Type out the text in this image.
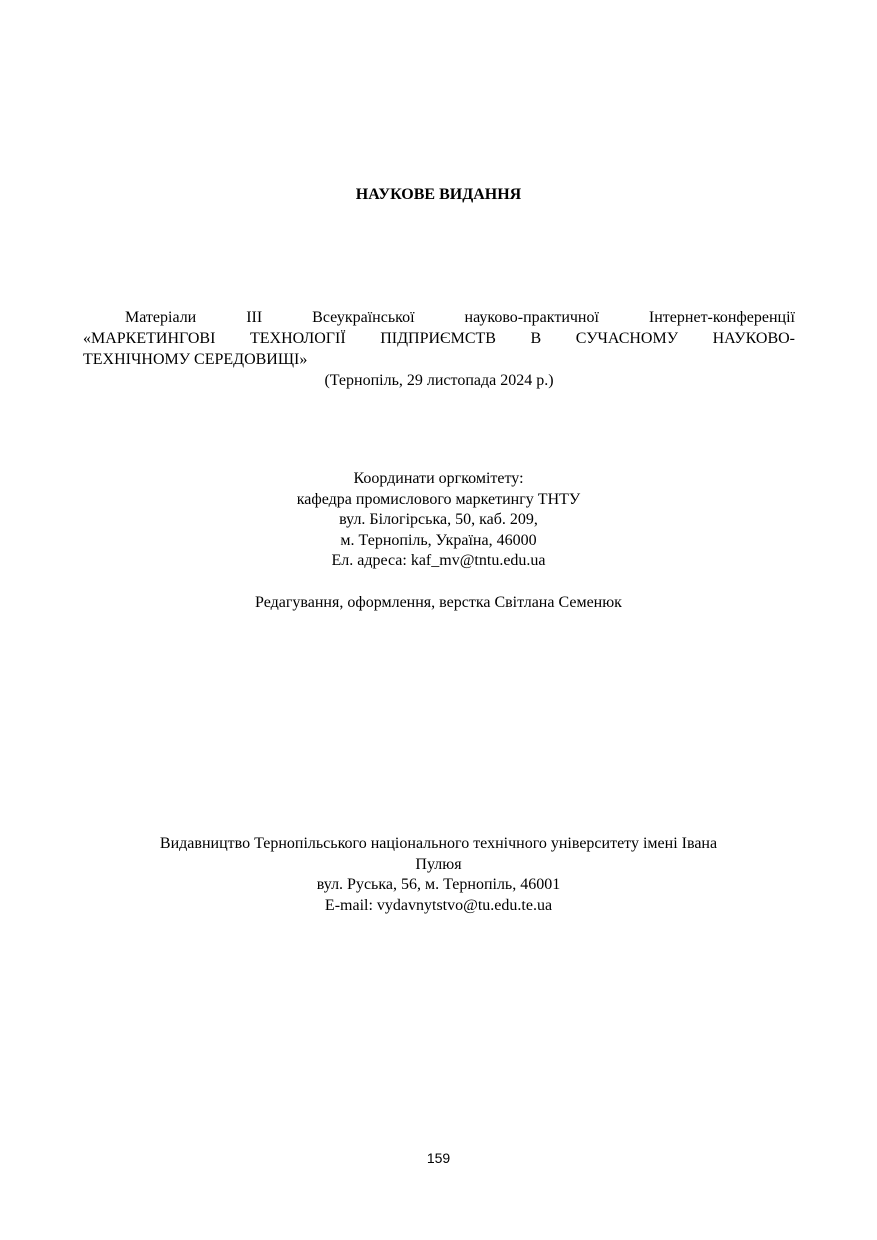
НАУКОВЕ ВИДАННЯ
Матеріали III Всеукраїнської науково-практичної Інтернет-конференції
«МАРКЕТИНГОВІ ТЕХНОЛОГІЇ ПІДПРИЄМСТВ В СУЧАСНОМУ НАУКОВО-
ТЕХНІЧНОМУ СЕРЕДОВИЩІ»
(Тернопіль, 29 листопада 2024 р.)
Координати оргкомітету:
кафедра промислового маркетингу ТНТУ
вул. Білогірська, 50, каб. 209,
м. Тернопіль, Україна, 46000
Ел. адреса: kaf_mv@tntu.edu.ua
Редагування, оформлення, верстка Світлана Семенюк
Видавництво Тернопільського національного технічного університету імені Івана
Пулюя
вул. Руська, 56, м. Тернопіль, 46001
E-mail: vydavnytstvo@tu.edu.te.ua
159
